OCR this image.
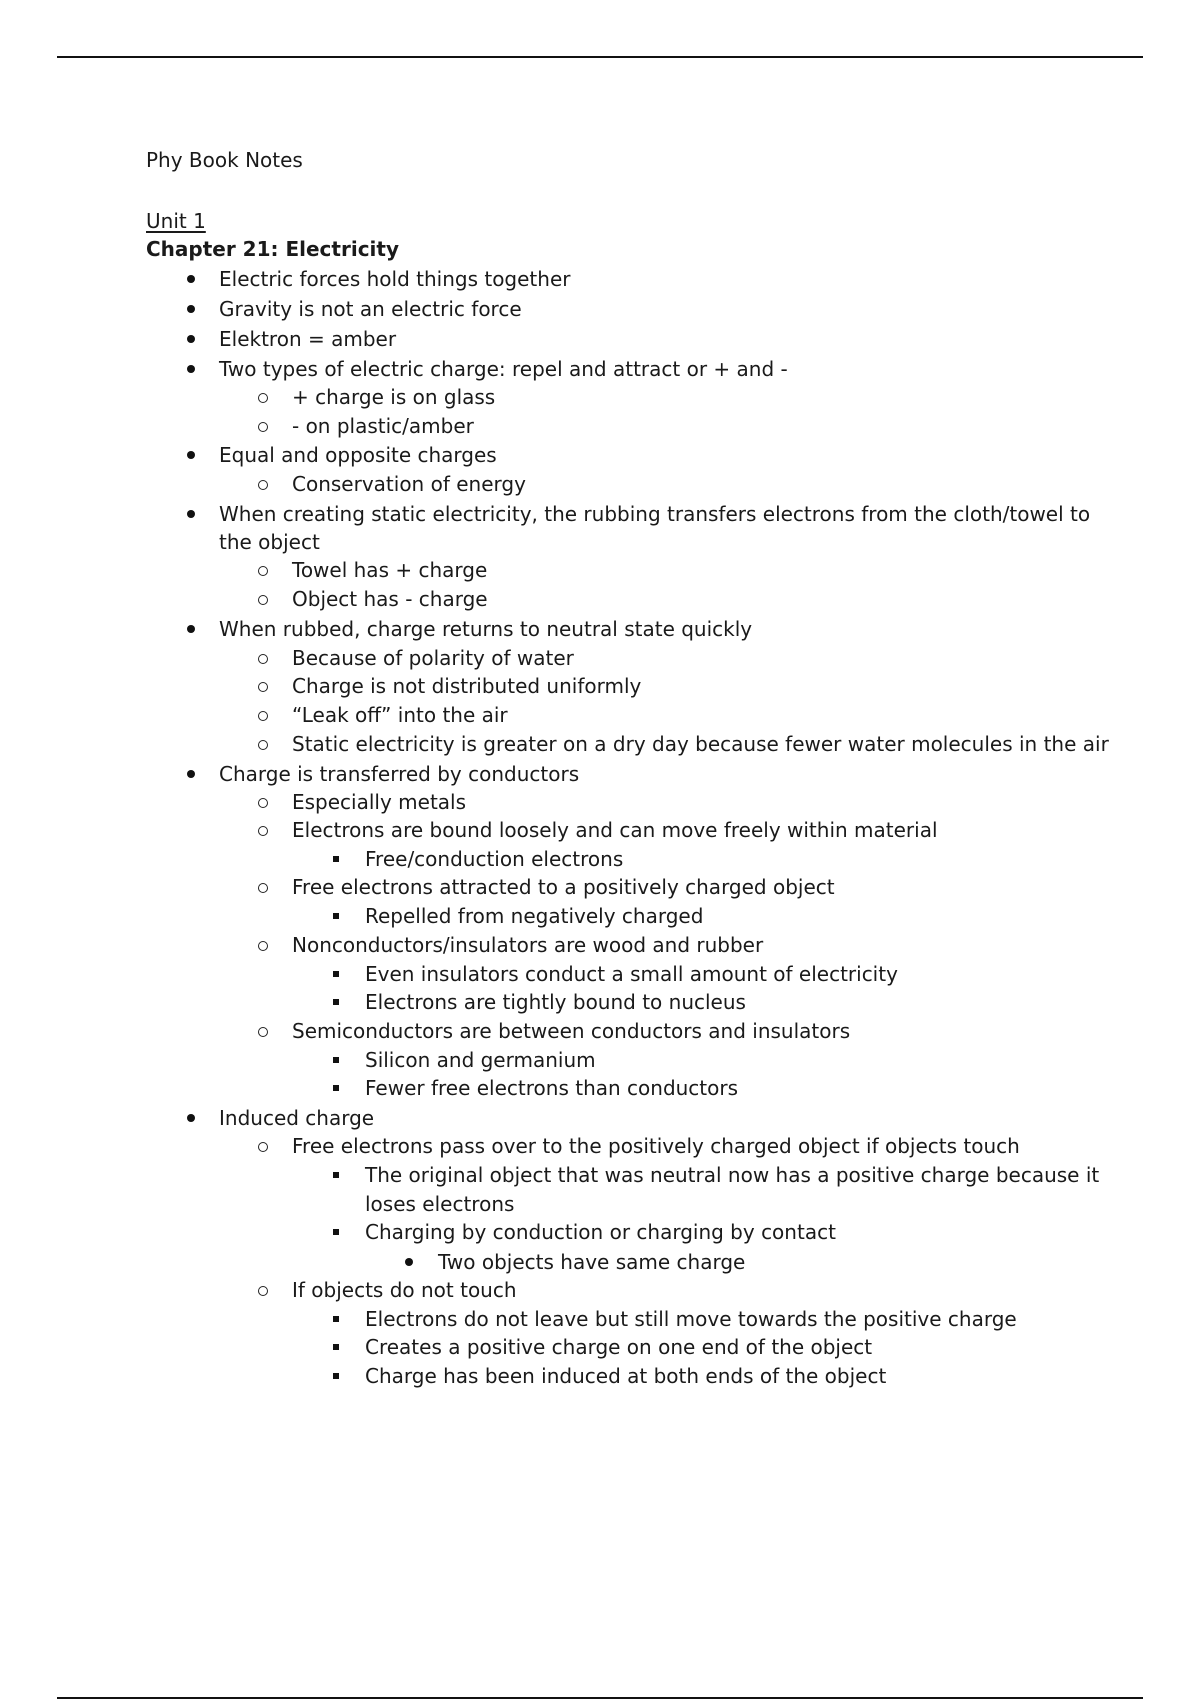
Phy Book Notes
Unit 1
Chapter 21: Electricity
Electric forces hold things together
Gravity is not an electric force
Elektron = amber
Two types of electric charge: repel and attract or + and -
+ charge is on glass
- on plastic/amber
Equal and opposite charges
Conservation of energy
When creating static electricity, the rubbing transfers electrons from the cloth/towel to
the object
Towel has + charge
Object has - charge
When rubbed, charge returns to neutral state quickly
Because of polarity of water
Charge is not distributed uniformly
“Leak off” into the air
Static electricity is greater on a dry day because fewer water molecules in the air
Charge is transferred by conductors
Especially metals
Electrons are bound loosely and can move freely within material
Free/conduction electrons
Free electrons attracted to a positively charged object
Repelled from negatively charged
Nonconductors/insulators are wood and rubber
Even insulators conduct a small amount of electricity
Electrons are tightly bound to nucleus
Semiconductors are between conductors and insulators
Silicon and germanium
Fewer free electrons than conductors
Induced charge
Free electrons pass over to the positively charged object if objects touch
The original object that was neutral now has a positive charge because it
loses electrons
Charging by conduction or charging by contact
Two objects have same charge
If objects do not touch
Electrons do not leave but still move towards the positive charge
Creates a positive charge on one end of the object
Charge has been induced at both ends of the object
